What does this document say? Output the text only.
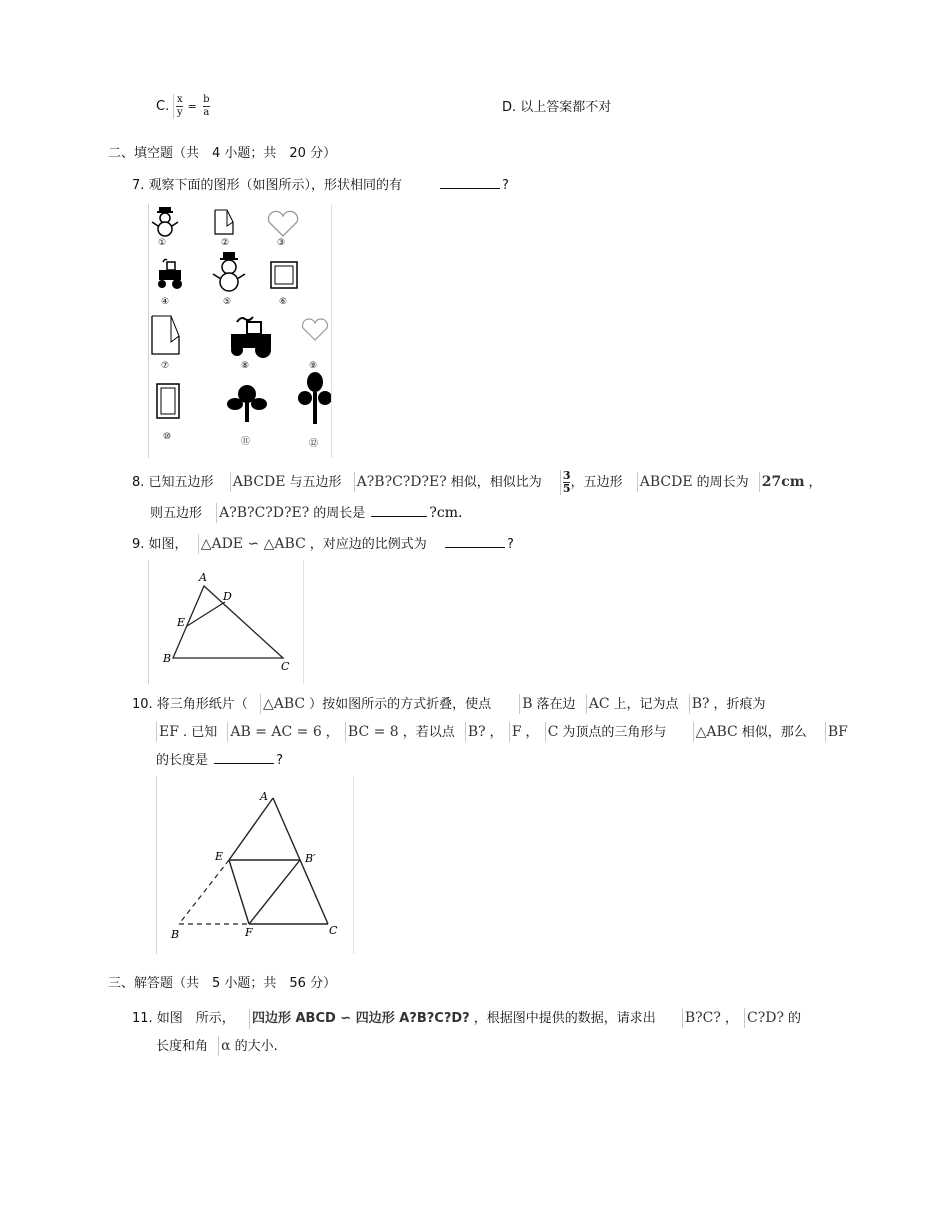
C. $\frac{x}{y} = \frac{b}{a}$	D. 以上答案都不对
二、填空题（共　4 小题；共　20 分）
7. 观察下面的图形（如图所示），形状相同的有	?
①	②	③
④	⑤	⑥
⑦	⑧	⑨
⑩	⑪	⑫
8. 已知五边形 ABCDE 与五边形 A?B?C?D?E? 相似，相似比为 $\frac{3}{5}$ ，五边形 ABCDE 的周长为 27cm ，
则五边形 A?B?C?D?E? 的周长是	?cm.
9. 如图， △ADE ∽ △ABC ，对应边的比例式为	?
A
D
E
B
C
10. 将三角形纸片（ △ABC ）按如图所示的方式折叠，使点 B 落在边 AC 上，记为点 B? ，折痕为
EF . 已知 AB = AC = 6 ， BC = 8 ，若以点 B? ， F ， C 为顶点的三角形与 △ABC 相似，那么 BF
的长度是	?
A
E	B′
B	F	C
三、解答题（共　5 小题；共　56 分）
11. 如图　所示， 四边形 ABCD ∽ 四边形 A?B?C?D? ，根据图中提供的数据，请求出 B?C? ， C?D? 的
长度和角 α 的大小.
